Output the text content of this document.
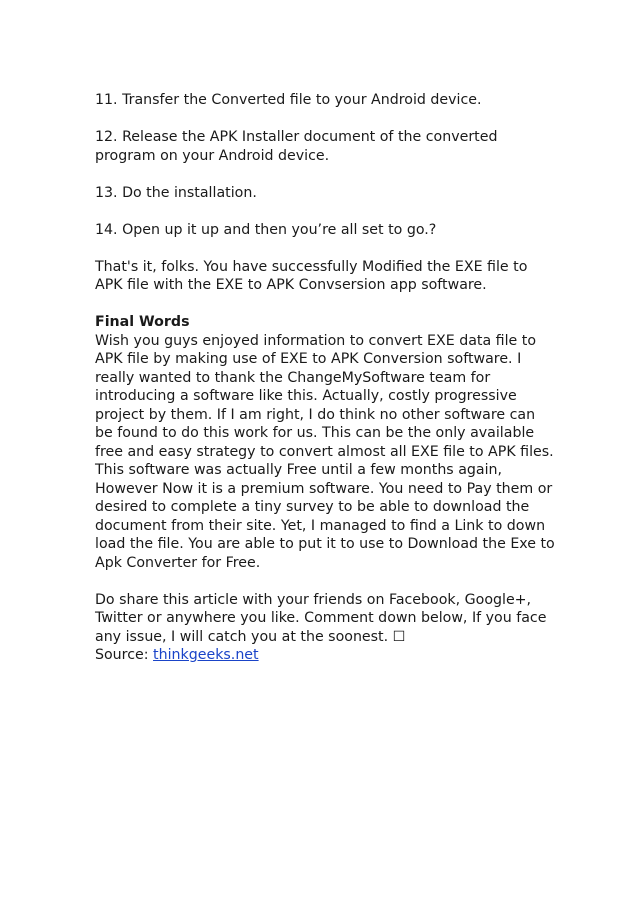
11. Transfer the Converted file to your Android device.

12. Release the APK Installer document of the converted program on your Android device.

13. Do the installation.

14. Open up it up and then you’re all set to go.?

That's it, folks. You have successfully Modified the EXE file to APK file with the EXE to APK Convsersion app software.

Final Words

Wish you guys enjoyed information to convert EXE data file to APK file by making use of EXE to APK Conversion software. I really wanted to thank the ChangeMySoftware team for introducing a software like this. Actually, costly progressive project by them. If I am right, I do think no other software can be found to do this work for us. This can be the only available free and easy strategy to convert almost all EXE file to APK files. This software was actually Free until a few months again, However Now it is a premium software. You need to Pay them or desired to complete a tiny survey to be able to download the document from their site. Yet, I managed to find a Link to down load the file. You are able to put it to use to Download the Exe to Apk Converter for Free.

Do share this article with your friends on Facebook, Google+, Twitter or anywhere you like. Comment down below, If you face any issue, I will catch you at the soonest. ☐
Source: thinkgeeks.net
